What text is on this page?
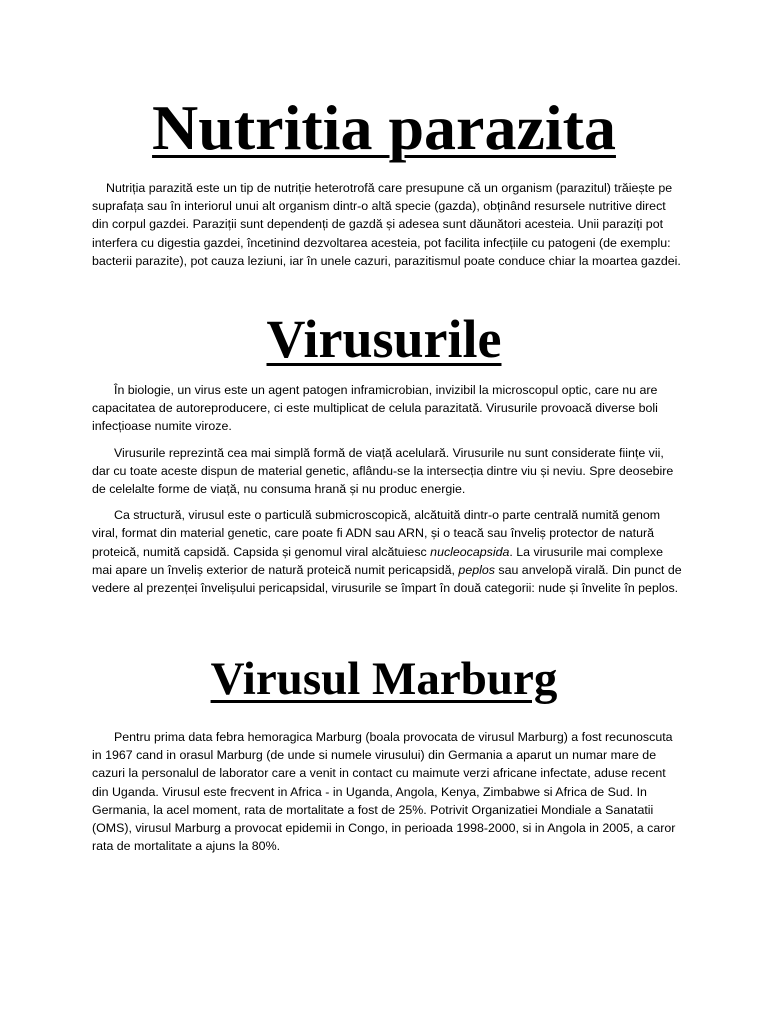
Nutritia parazita

Nutriția parazită este un tip de nutriție heterotrofă care presupune că un organism (parazitul) trăiește pe suprafața sau în interiorul unui alt organism dintr-o altă specie (gazda), obținând resursele nutritive direct din corpul gazdei. Paraziții sunt dependenți de gazdă și adesea sunt dăunători acesteia. Unii paraziți pot interfera cu digestia gazdei, încetinind dezvoltarea acesteia, pot facilita infecțiile cu patogeni (de exemplu: bacterii parazite), pot cauza leziuni, iar în unele cazuri, parazitismul poate conduce chiar la moartea gazdei.

Virusurile

În biologie, un virus este un agent patogen inframicrobian, invizibil la microscopul optic, care nu are capacitatea de autoreproducere, ci este multiplicat de celula parazitată. Virusurile provoacă diverse boli infecțioase numite viroze.

Virusurile reprezintă cea mai simplă formă de viață acelulară. Virusurile nu sunt considerate ființe vii, dar cu toate aceste dispun de material genetic, aflându-se la intersecția dintre viu și neviu. Spre deosebire de celelalte forme de viață, nu consuma hrană și nu produc energie.

Ca structură, virusul este o particulă submicroscopică, alcătuită dintr-o parte centrală numită genom viral, format din material genetic, care poate fi ADN sau ARN, și o teacă sau înveliș protector de natură proteică, numită capsidă. Capsida și genomul viral alcătuiesc nucleocapsida. La virusurile mai complexe mai apare un înveliș exterior de natură proteică numit pericapsidă, peplos sau anvelopă virală. Din punct de vedere al prezenței învelișului pericapsidal, virusurile se împart în două categorii: nude și învelite în peplos.

Virusul Marburg

Pentru prima data febra hemoragica Marburg (boala provocata de virusul Marburg) a fost recunoscuta in 1967 cand in orasul Marburg (de unde si numele virusului) din Germania a aparut un numar mare de cazuri la personalul de laborator care a venit in contact cu maimute verzi africane infectate, aduse recent din Uganda. Virusul este frecvent in Africa - in Uganda, Angola, Kenya, Zimbabwe si Africa de Sud. In Germania, la acel moment, rata de mortalitate a fost de 25%. Potrivit Organizatiei Mondiale a Sanatatii (OMS), virusul Marburg a provocat epidemii in Congo, in perioada 1998-2000, si in Angola in 2005, a caror rata de mortalitate a ajuns la 80%.
